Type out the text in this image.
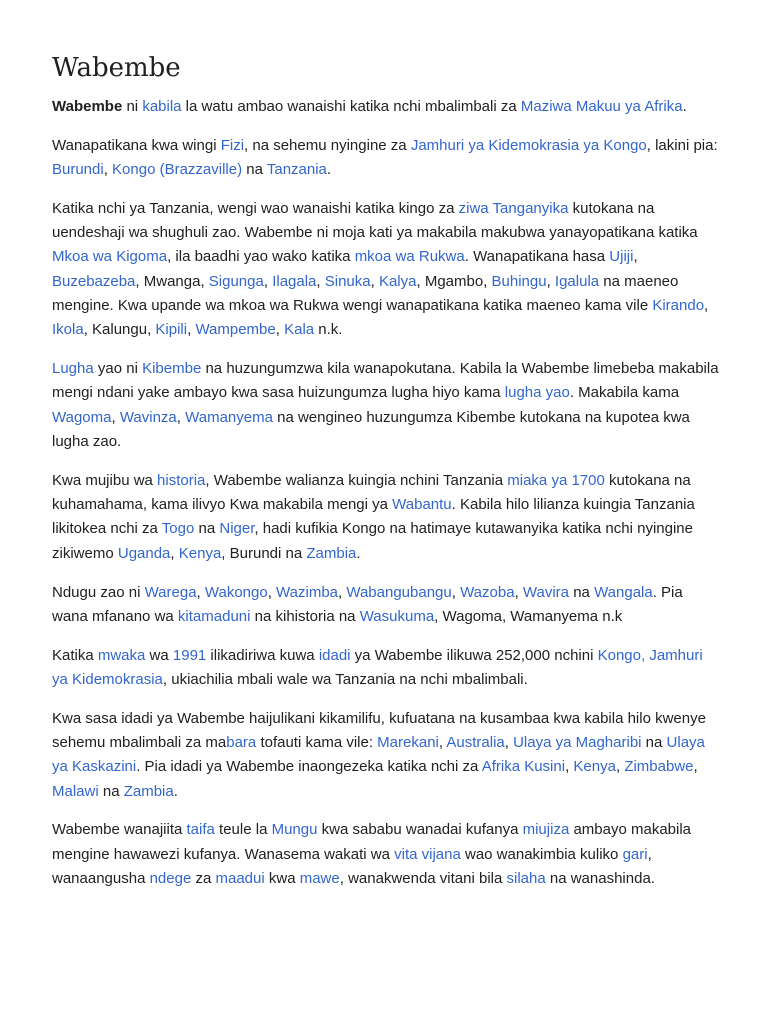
Wabembe

Wabembe ni kabila la watu ambao wanaishi katika nchi mbalimbali za Maziwa Makuu ya Afrika.

Wanapatikana kwa wingi Fizi, na sehemu nyingine za Jamhuri ya Kidemokrasia ya Kongo, lakini pia: Burundi, Kongo (Brazzaville) na Tanzania.

Katika nchi ya Tanzania, wengi wao wanaishi katika kingo za ziwa Tanganyika kutokana na uendeshaji wa shughuli zao. Wabembe ni moja kati ya makabila makubwa yanayopatikana katika Mkoa wa Kigoma, ila baadhi yao wako katika mkoa wa Rukwa. Wanapatikana hasa Ujiji, Buzebazeba, Mwanga, Sigunga, Ilagala, Sinuka, Kalya, Mgambo, Buhingu, Igalula na maeneo mengine. Kwa upande wa mkoa wa Rukwa wengi wanapatikana katika maeneo kama vile Kirando, Ikola, Kalungu, Kipili, Wampembe, Kala n.k.

Lugha yao ni Kibembe na huzungumzwa kila wanapokutana. Kabila la Wabembe limebeba makabila mengi ndani yake ambayo kwa sasa huizungumza lugha hiyo kama lugha yao. Makabila kama Wagoma, Wavinza, Wamanyema na wengineo huzungumza Kibembe kutokana na kupotea kwa lugha zao.

Kwa mujibu wa historia, Wabembe walianza kuingia nchini Tanzania miaka ya 1700 kutokana na kuhamahama, kama ilivyo Kwa makabila mengi ya Wabantu. Kabila hilo lilianza kuingia Tanzania likitokea nchi za Togo na Niger, hadi kufikia Kongo na hatimaye kutawanyika katika nchi nyingine zikiwemo Uganda, Kenya, Burundi na Zambia.

Ndugu zao ni Warega, Wakongo, Wazimba, Wabangubangu, Wazoba, Wavira na Wangala. Pia wana mfanano wa kitamaduni na kihistoria na Wasukuma, Wagoma, Wamanyema n.k

Katika mwaka wa 1991 ilikadiriwa kuwa idadi ya Wabembe ilikuwa 252,000 nchini Kongo, Jamhuri ya Kidemokrasia, ukiachilia mbali wale wa Tanzania na nchi mbalimbali.

Kwa sasa idadi ya Wabembe haijulikani kikamilifu, kufuatana na kusambaa kwa kabila hilo kwenye sehemu mbalimbali za mabara tofauti kama vile: Marekani, Australia, Ulaya ya Magharibi na Ulaya ya Kaskazini. Pia idadi ya Wabembe inaongezeka katika nchi za Afrika Kusini, Kenya, Zimbabwe, Malawi na Zambia.

Wabembe wanajiita taifa teule la Mungu kwa sababu wanadai kufanya miujiza ambayo makabila mengine hawawezi kufanya. Wanasema wakati wa vita vijana wao wanakimbia kuliko gari, wanaangusha ndege za maadui kwa mawe, wanakwenda vitani bila silaha na wanashinda.
